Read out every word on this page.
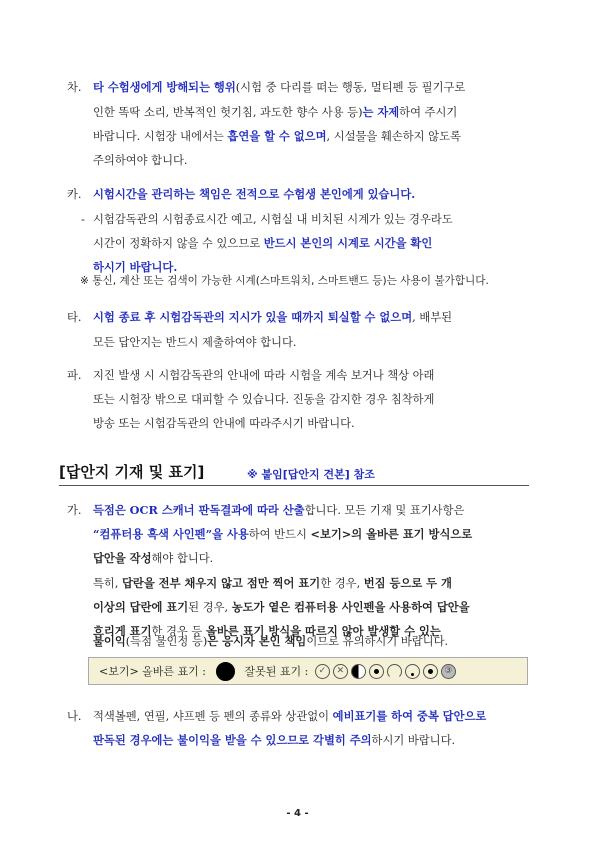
차. 타 수험생에게 방해되는 행위(시험 중 다리를 떠는 행동, 멀티펜 등 필기구로
인한 똑딱 소리, 반복적인 헛기침, 과도한 향수 사용 등)는 자제하여 주시기
바랍니다. 시험장 내에서는 흡연을 할 수 없으며, 시설물을 훼손하지 않도록
주의하여야 합니다.
카. 시험시간을 관리하는 책임은 전적으로 수험생 본인에게 있습니다.
- 시험감독관의 시험종료시간 예고, 시험실 내 비치된 시계가 있는 경우라도
시간이 정확하지 않을 수 있으므로 반드시 본인의 시계로 시간을 확인
하시기 바랍니다.
※ 통신, 계산 또는 검색이 가능한 시계(스마트워치, 스마트밴드 등)는 사용이 불가합니다.
타. 시험 종료 후 시험감독관의 지시가 있을 때까지 퇴실할 수 없으며, 배부된
모든 답안지는 반드시 제출하여야 합니다.
파. 지진 발생 시 시험감독관의 안내에 따라 시험을 계속 보거나 책상 아래
또는 시험장 밖으로 대피할 수 있습니다. 진동을 감지한 경우 침착하게
방송 또는 시험감독관의 안내에 따라주시기 바랍니다.
[답안지 기재 및 표기]	※ 붙임[답안지 견본] 참조
가. 득점은 OCR 스캐너 판독결과에 따라 산출합니다. 모든 기재 및 표기사항은
“컴퓨터용 흑색 사인펜”을 사용하여 반드시 <보기>의 올바른 표기 방식으로
답안을 작성해야 합니다.
특히, 답란을 전부 채우지 않고 점만 찍어 표기한 경우, 번짐 등으로 두 개
이상의 답란에 표기된 경우, 농도가 옅은 컴퓨터용 사인펜을 사용하여 답안을
흐리게 표기한 경우 등 올바른 표기 방식을 따르지 않아 발생할 수 있는
불이익(득점 불인정 등)은 응시자 본인 책임이므로 유의하시기 바랍니다.
<보기> 올바른 표기 :	잘못된 표기 : ✓	✕	③
나. 적색볼펜, 연필, 샤프펜 등 펜의 종류와 상관없이 예비표기를 하여 중복 답안으로
판독된 경우에는 불이익을 받을 수 있으므로 각별히 주의하시기 바랍니다.
- 4 -
